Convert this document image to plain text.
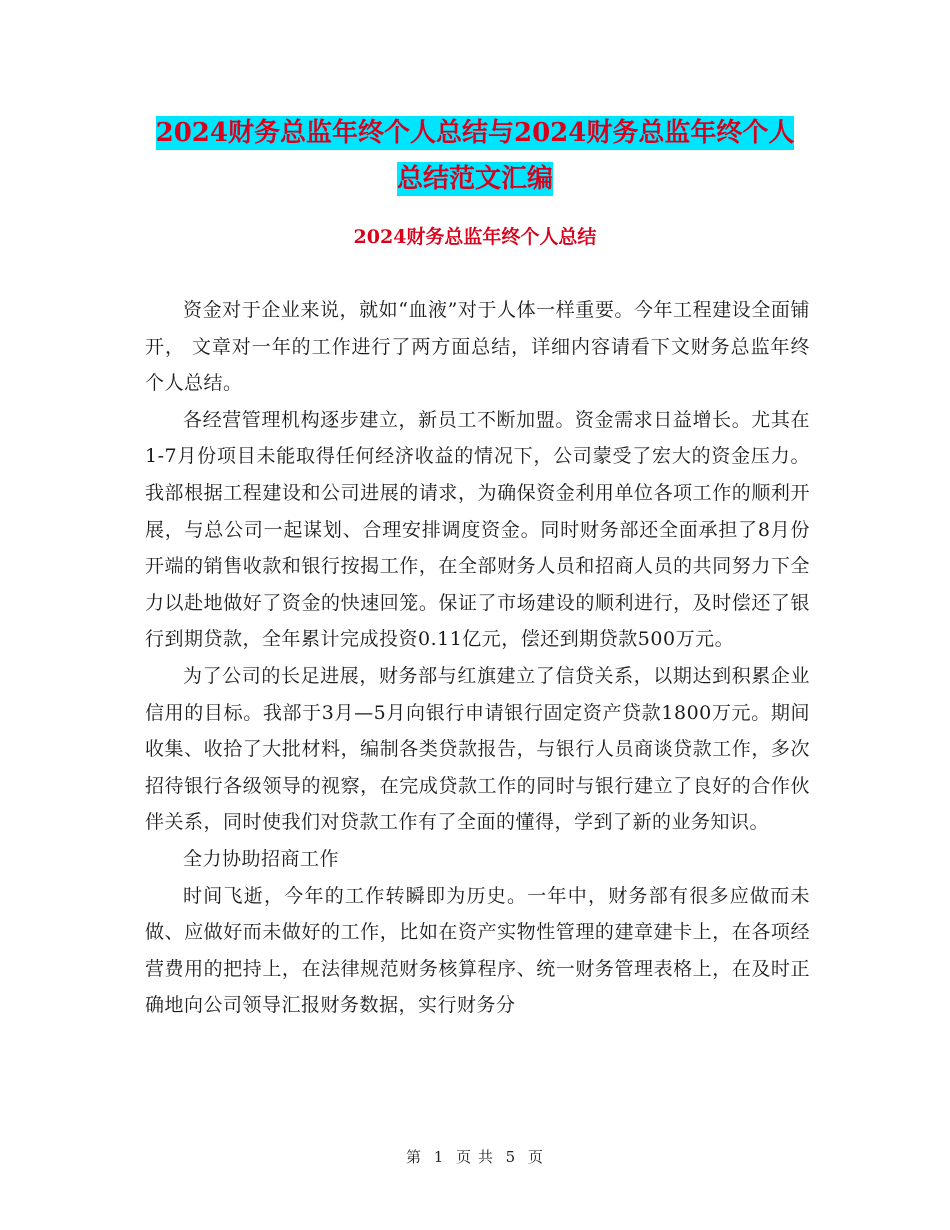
2024财务总监年终个人总结与2024财务总监年终个人
总结范文汇编
2024财务总监年终个人总结

资金对于企业来说，就如“血液”对于人体一样重要。今年工程建设全面铺开， 文章对一年的工作进行了两方面总结，详细内容请看下文财务总监年终个人总结。

各经营管理机构逐步建立，新员工不断加盟。资金需求日益增长。尤其在1-7月份项目未能取得任何经济收益的情况下，公司蒙受了宏大的资金压力。我部根据工程建设和公司进展的请求，为确保资金利用单位各项工作的顺利开展，与总公司一起谋划、合理安排调度资金。同时财务部还全面承担了8月份开端的销售收款和银行按揭工作，在全部财务人员和招商人员的共同努力下全力以赴地做好了资金的快速回笼。保证了市场建设的顺利进行，及时偿还了银行到期贷款，全年累计完成投资0.11亿元，偿还到期贷款500万元。

为了公司的长足进展，财务部与红旗建立了信贷关系，以期达到积累企业信用的目标。我部于3月—5月向银行申请银行固定资产贷款1800万元。期间收集、收拾了大批材料，编制各类贷款报告，与银行人员商谈贷款工作，多次招待银行各级领导的视察，在完成贷款工作的同时与银行建立了良好的合作伙伴关系，同时使我们对贷款工作有了全面的懂得，学到了新的业务知识。

全力协助招商工作

时间飞逝，今年的工作转瞬即为历史。一年中，财务部有很多应做而未做、应做好而未做好的工作，比如在资产实物性管理的建章建卡上，在各项经营费用的把持上，在法律规范财务核算程序、统一财务管理表格上，在及时正确地向公司领导汇报财务数据，实行财务分

第 1 页 共 5 页
